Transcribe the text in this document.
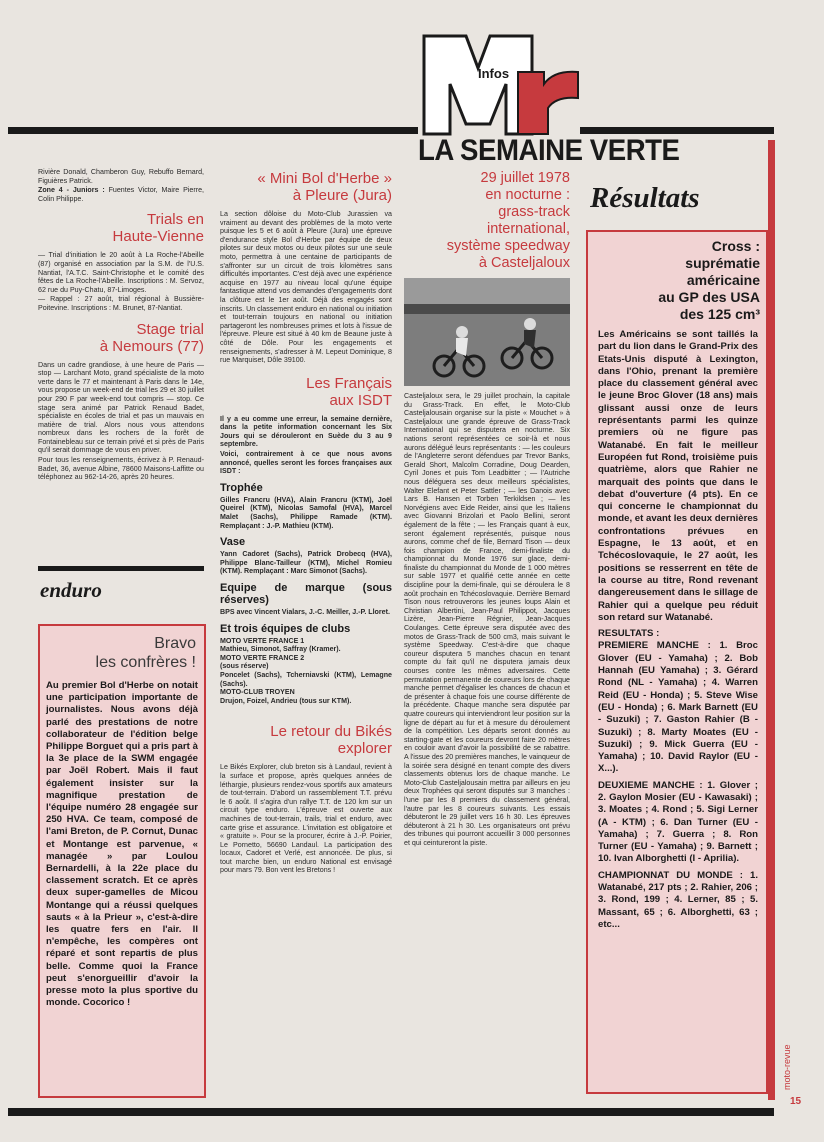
Infos
LA SEMAINE VERTE

Rivière Donald, Chamberon Guy, Rebuffo Bernard, Figuières Patrick.

Zone 4 - Juniors : Fuentes Victor, Maire Pierre, Colin Philippe.

Trials en
Haute-Vienne

— Trial d'initiation le 20 août à La Roche-l'Abeille (87) organisé en association par la S.M. de l'U.S. Nantiat, l'A.T.C. Saint-Christophe et le comité des fêtes de La Roche-l'Abeille. Inscriptions : M. Servoz, 62 rue du Puy-Chatu, 87-Limoges.

— Rappel : 27 août, trial régional à Bussière-Poitevine. Inscriptions : M. Brunet, 87-Nantiat.

Stage trial
à Nemours (77)

Dans un cadre grandiose, à une heure de Paris — stop — Larchant Moto, grand spécialiste de la moto verte dans le 77 et maintenant à Paris dans le 14e, vous propose un week-end de trial les 29 et 30 juillet pour 290 F par week-end tout compris — stop. Ce stage sera animé par Patrick Renaud Badet, spécialiste en écoles de trial et pas un mauvais en matière de trial. Alors nous vous attendons nombreux dans les rochers de la forêt de Fontainebleau sur ce terrain privé et si près de Paris qu'il serait dommage de vous en priver.

Pour tous les renseignements, écrivez à P. Renaud-Badet, 36, avenue Albine, 78600 Maisons-Laffitte ou téléphonez au 962-14-26, après 20 heures.

enduro
Bravo
les confrères !
Au premier Bol d'Herbe on notait une participation importante de journalistes. Nous avons déjà parlé des prestations de notre collaborateur de l'édition belge Philippe Borguet qui a pris part à la 3e place de la SWM engagée par Joël Robert. Mais il faut également insister sur la magnifique prestation de l'équipe numéro 28 engagée sur 250 HVA. Ce team, composé de l'ami Breton, de P. Cornut, Dunac et Montange est parvenue, « managée » par Loulou Bernardelli, à la 22e place du classement scratch. Et ce après deux super-gamelles de Micou Montange qui a réussi quelques sauts « à la Prieur », c'est-à-dire les quatre fers en l'air. Il n'empêche, les compères ont réparé et sont repartis de plus belle. Comme quoi la France peut s'enorgueillir d'avoir la presse moto la plus sportive du monde. Cocorico !
« Mini Bol d'Herbe »
à Pleure (Jura)

La section dôloise du Moto-Club Jurassien va vraiment au devant des problèmes de la moto verte puisque les 5 et 6 août à Pleure (Jura) une épreuve d'endurance style Bol d'Herbe par équipe de deux pilotes sur deux motos ou deux pilotes sur une seule moto, permettra à une centaine de participants de s'affronter sur un circuit de trois kilomètres sans difficultés importantes. C'est déjà avec une expérience acquise en 1977 au niveau local qu'une équipe fantastique attend vos demandes d'engagements dont la clôture est le 1er août. Déjà des engagés sont inscrits. Un classement enduro en national ou initiation et tout-terrain toujours en national ou initiation partageront les nombreuses primes et lots à l'issue de l'épreuve. Pleure est situé à 40 km de Beaune juste à côté de Dôle. Pour les engagements et renseignements, s'adresser à M. Lepeut Dominique, 8 rue Marquiset, Dôle 39100.

Les Français
aux ISDT

Il y a eu comme une erreur, la semaine dernière, dans la petite information concernant les Six Jours qui se dérouleront en Suède du 3 au 9 septembre.

Voici, contrairement à ce que nous avons annoncé, quelles seront les forces françaises aux ISDT :

Trophée

Gilles Francru (HVA), Alain Francru (KTM), Joël Queirel (KTM), Nicolas Samofal (HVA), Marcel Malet (Sachs), Philippe Ramade (KTM). Remplaçant : J.-P. Mathieu (KTM).

Vase

Yann Cadoret (Sachs), Patrick Drobecq (HVA), Philippe Blanc-Tailleur (KTM), Michel Romieu (KTM). Remplaçant : Marc Simonot (Sachs).

Equipe de marque (sous réserves)

BPS avec Vincent Vialars, J.-C. Meiller, J.-P. Lloret.

Et trois équipes de clubs

MOTO VERTE FRANCE 1

Mathieu, Simonot, Saffray (Kramer).

MOTO VERTE FRANCE 2

(sous réserve)

Poncelet (Sachs), Tcherniavski (KTM), Lemagne (Sachs).

MOTO-CLUB TROYEN

Drujon, Foizel, Andrieu (tous sur KTM).

Le retour du Bikés
explorer

Le Bikés Explorer, club breton sis à Landaul, revient à la surface et propose, après quelques années de léthargie, plusieurs rendez-vous sportifs aux amateurs de tout-terrain. D'abord un rassemblement T.T. prévu le 6 août. Il s'agira d'un rallye T.T. de 120 km sur un circuit type enduro. L'épreuve est ouverte aux machines de tout-terrain, trails, trial et enduro, avec carte grise et assurance. L'invitation est obligatoire et « gratuite ». Pour se la procurer, écrire à J.-P. Poirier, Le Pornetto, 56690 Landaul. La participation des locaux, Cadoret et Verlé, est annoncée. De plus, si tout marche bien, un enduro National est envisagé pour mars 79. Bon vent les Bretons !

29 juillet 1978
en nocturne :
grass-track
international,
système speedway
à Casteljaloux

Casteljaloux sera, le 29 juillet prochain, la capitale du Grass-Track. En effet, le Moto-Club Casteljalousain organise sur la piste « Mouchet » à Casteljaloux une grande épreuve de Grass-Track International qui se disputera en nocturne. Six nations seront représentées ce soir-là et nous aurons délégué leurs représentants : — les couleurs de l'Angleterre seront défendues par Trevor Banks, Gerald Short, Malcolm Corradine, Doug Dearden, Cyril Jones et puis Tom Leadbitter ; — l'Autriche nous déléguera ses deux meilleurs spécialistes, Walter Elefant et Peter Sattler ; — les Danois avec Lars B. Hansen et Torben Terkildsen ; — les Norvégiens avec Eide Reider, ainsi que les Italiens avec Giovanni Brizolari et Paolo Bellini, seront également de la fête ; — les Français quant à eux, seront également représentés, puisque nous aurons, comme chef de file, Bernard Tison — deux fois champion de France, demi-finaliste du championnat du Monde 1976 sur glace, demi-finaliste du championnat du Monde de 1 000 mètres sur sable 1977 et qualifié cette année en cette discipline pour la demi-finale, qui se déroulera le 8 août prochain en Tchécoslovaquie. Derrière Bernard Tison nous retrouverons les jeunes loups Alain et Christian Albertini, Jean-Paul Philippot, Jacques Lizère, Jean-Pierre Régnier, Jean-Jacques Coulanges. Cette épreuve sera disputée avec des motos de Grass-Track de 500 cm3, mais suivant le système Speedway. C'est-à-dire que chaque coureur disputera 5 manches chacun en tenant compte du fait qu'il ne disputera jamais deux courses contre les mêmes adversaires. Cette permutation permanente de coureurs lors de chaque manche permet d'égaliser les chances de chacun et de présenter à chaque fois une course différente de la précédente. Chaque manche sera disputée par quatre coureurs qui interviendront leur position sur la ligne de départ au fur et à mesure du déroulement de la compétition. Les départs seront donnés au starting-gate et les coureurs devront faire 20 mètres en couloir avant d'avoir la possibilité de se rabattre. A l'issue des 20 premières manches, le vainqueur de la soirée sera désigné en tenant compte des divers classements obtenus lors de chaque manche. Le Moto-Club Casteljalousain mettra par ailleurs en jeu deux Trophées qui seront disputés sur 3 manches : l'une par les 8 premiers du classement général, l'autre par les 8 coureurs suivants. Les essais débuteront le 29 juillet vers 16 h 30. Les épreuves débuteront à 21 h 30. Les organisateurs ont prévu des tribunes qui pourront accueillir 3 000 personnes et qui ceintureront la piste.

Résultats
Cross :
suprématie
américaine
au GP des USA
des 125 cm³
Les Américains se sont taillés la part du lion dans le Grand-Prix des Etats-Unis disputé à Lexington, dans l'Ohio, prenant la première place du classement général avec le jeune Broc Glover (18 ans) mais glissant aussi onze de leurs représentants parmi les quinze premiers où ne figure pas Watanabé. En fait le meilleur Européen fut Rond, troisième puis quatrième, alors que Rahier ne marquait des points que dans le debat d'ouverture (4 pts). En ce qui concerne le championnat du monde, et avant les deux dernières confrontations prévues en Espagne, le 13 août, et en Tchécoslovaquie, le 27 août, les positions se resserrent en tête de la course au titre, Rond revenant dangereusement dans le sillage de Rahier qui a quelque peu réduit son retard sur Watanabé.
RESULTATS :
PREMIERE MANCHE : 1. Broc Glover (EU - Yamaha) ; 2. Bob Hannah (EU Yamaha) ; 3. Gérard Rond (NL - Yamaha) ; 4. Warren Reid (EU - Honda) ; 5. Steve Wise (EU - Honda) ; 6. Mark Barnett (EU - Suzuki) ; 7. Gaston Rahier (B - Suzuki) ; 8. Marty Moates (EU - Suzuki) ; 9. Mick Guerra (EU - Yamaha) ; 10. David Raylor (EU - X...).
DEUXIEME MANCHE : 1. Glover ; 2. Gaylon Mosier (EU - Kawasaki) ; 3. Moates ; 4. Rond ; 5. Sigi Lerner (A - KTM) ; 6. Dan Turner (EU - Yamaha) ; 7. Guerra ; 8. Ron Turner (EU - Yamaha) ; 9. Barnett ; 10. Ivan Alborghetti (I - Aprilia).
CHAMPIONNAT DU MONDE : 1. Watanabé, 217 pts ; 2. Rahier, 206 ; 3. Rond, 199 ; 4. Lerner, 85 ; 5. Massant, 65 ; 6. Alborghetti, 63 ; etc...
moto-revue
15
